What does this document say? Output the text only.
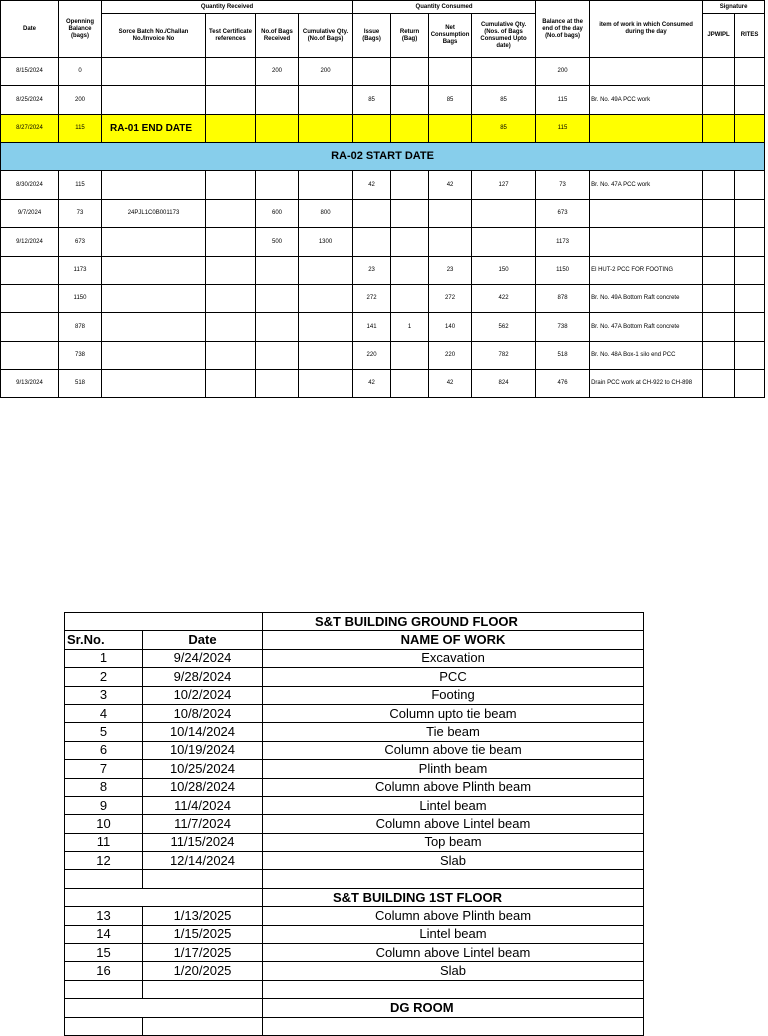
Date	Openning Balance (bags)	Quantity Received				Quantity Consumed				Balance at the end of the day (No.of bags)	item of work in which Consumed during the day	Signature	
		Sorce Batch No./Challan No./Invoice No	Test Certificate references	No.of Bags Received	Cumulative Qty. (No.of Bags)	Issue (Bags)	Return (Bag)	Net Consumption Bags	Cumulative Qty. (Nos. of Bags Consumed Upto date)			JPWIPL	RITES
8/15/2024	0			200	200					200			
8/25/2024	200					85		85	85	115	Br. No. 49A PCC work		
8/27/2024	115	RA-01 END DATE							85	115			
RA-02 START DATE													
8/30/2024	115					42		42	127	73	Br. No. 47A PCC work		
9/7/2024	73	24PJL1C0B001173		600	800					673			
9/12/2024	673			500	1300					1173			
	1173					23		23	150	1150	El HUT-2 PCC FOR FOOTING		
	1150					272		272	422	878	Br. No. 49A Bottom Raft concrete		
	878					141	1	140	562	738	Br. No. 47A Bottom Raft concrete		
	738					220		220	782	518	Br. No. 48A Box-1 silo end PCC		
9/13/2024	518					42		42	824	476	Drain PCC work at CH-922 to CH-898		
		S&T BUILDING GROUND FLOOR
Sr.No.	Date	NAME OF WORK
1	9/24/2024	Excavation
2	9/28/2024	PCC
3	10/2/2024	Footing
4	10/8/2024	Column upto tie beam
5	10/14/2024	Tie beam
6	10/19/2024	Column above tie beam
7	10/25/2024	Plinth beam
8	10/28/2024	Column above Plinth beam
9	11/4/2024	Lintel beam
10	11/7/2024	Column above Lintel beam
11	11/15/2024	Top beam
12	12/14/2024	Slab

		S&T BUILDING 1ST FLOOR
13	1/13/2025	Column above Plinth beam
14	1/15/2025	Lintel beam
15	1/17/2025	Column above Lintel beam
16	1/20/2025	Slab

		DG ROOM
